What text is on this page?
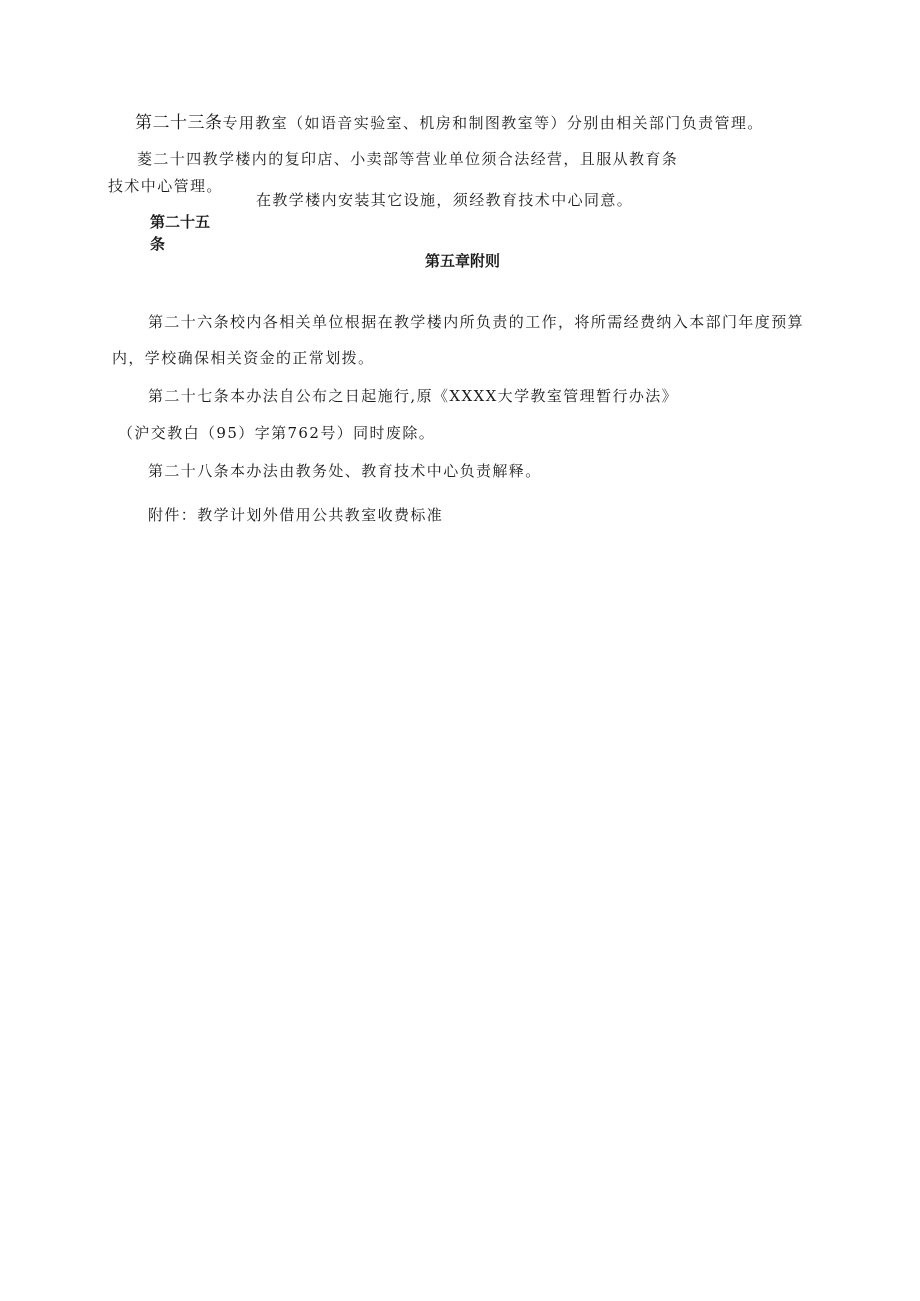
第二十三条专用教室（如语音实验室、机房和制图教室等）分别由相关部门负责管理。
菱二十四教学楼内的复印店、小卖部等营业单位须合法经营，且服从教育条
技术中心管理。
在教学楼内安装其它设施，须经教育技术中心同意。
第二十五
条
第五章附则
第二十六条校内各相关单位根据在教学楼内所负责的工作，将所需经费纳入本部门年度预算
内，学校确保相关资金的正常划拨。
第二十七条本办法自公布之日起施行,原《XXXX大学教室管理暂行办法》
（沪交教白（95）字第762号）同时废除。
第二十八条本办法由教务处、教育技术中心负责解释。
附件：教学计划外借用公共教室收费标准
